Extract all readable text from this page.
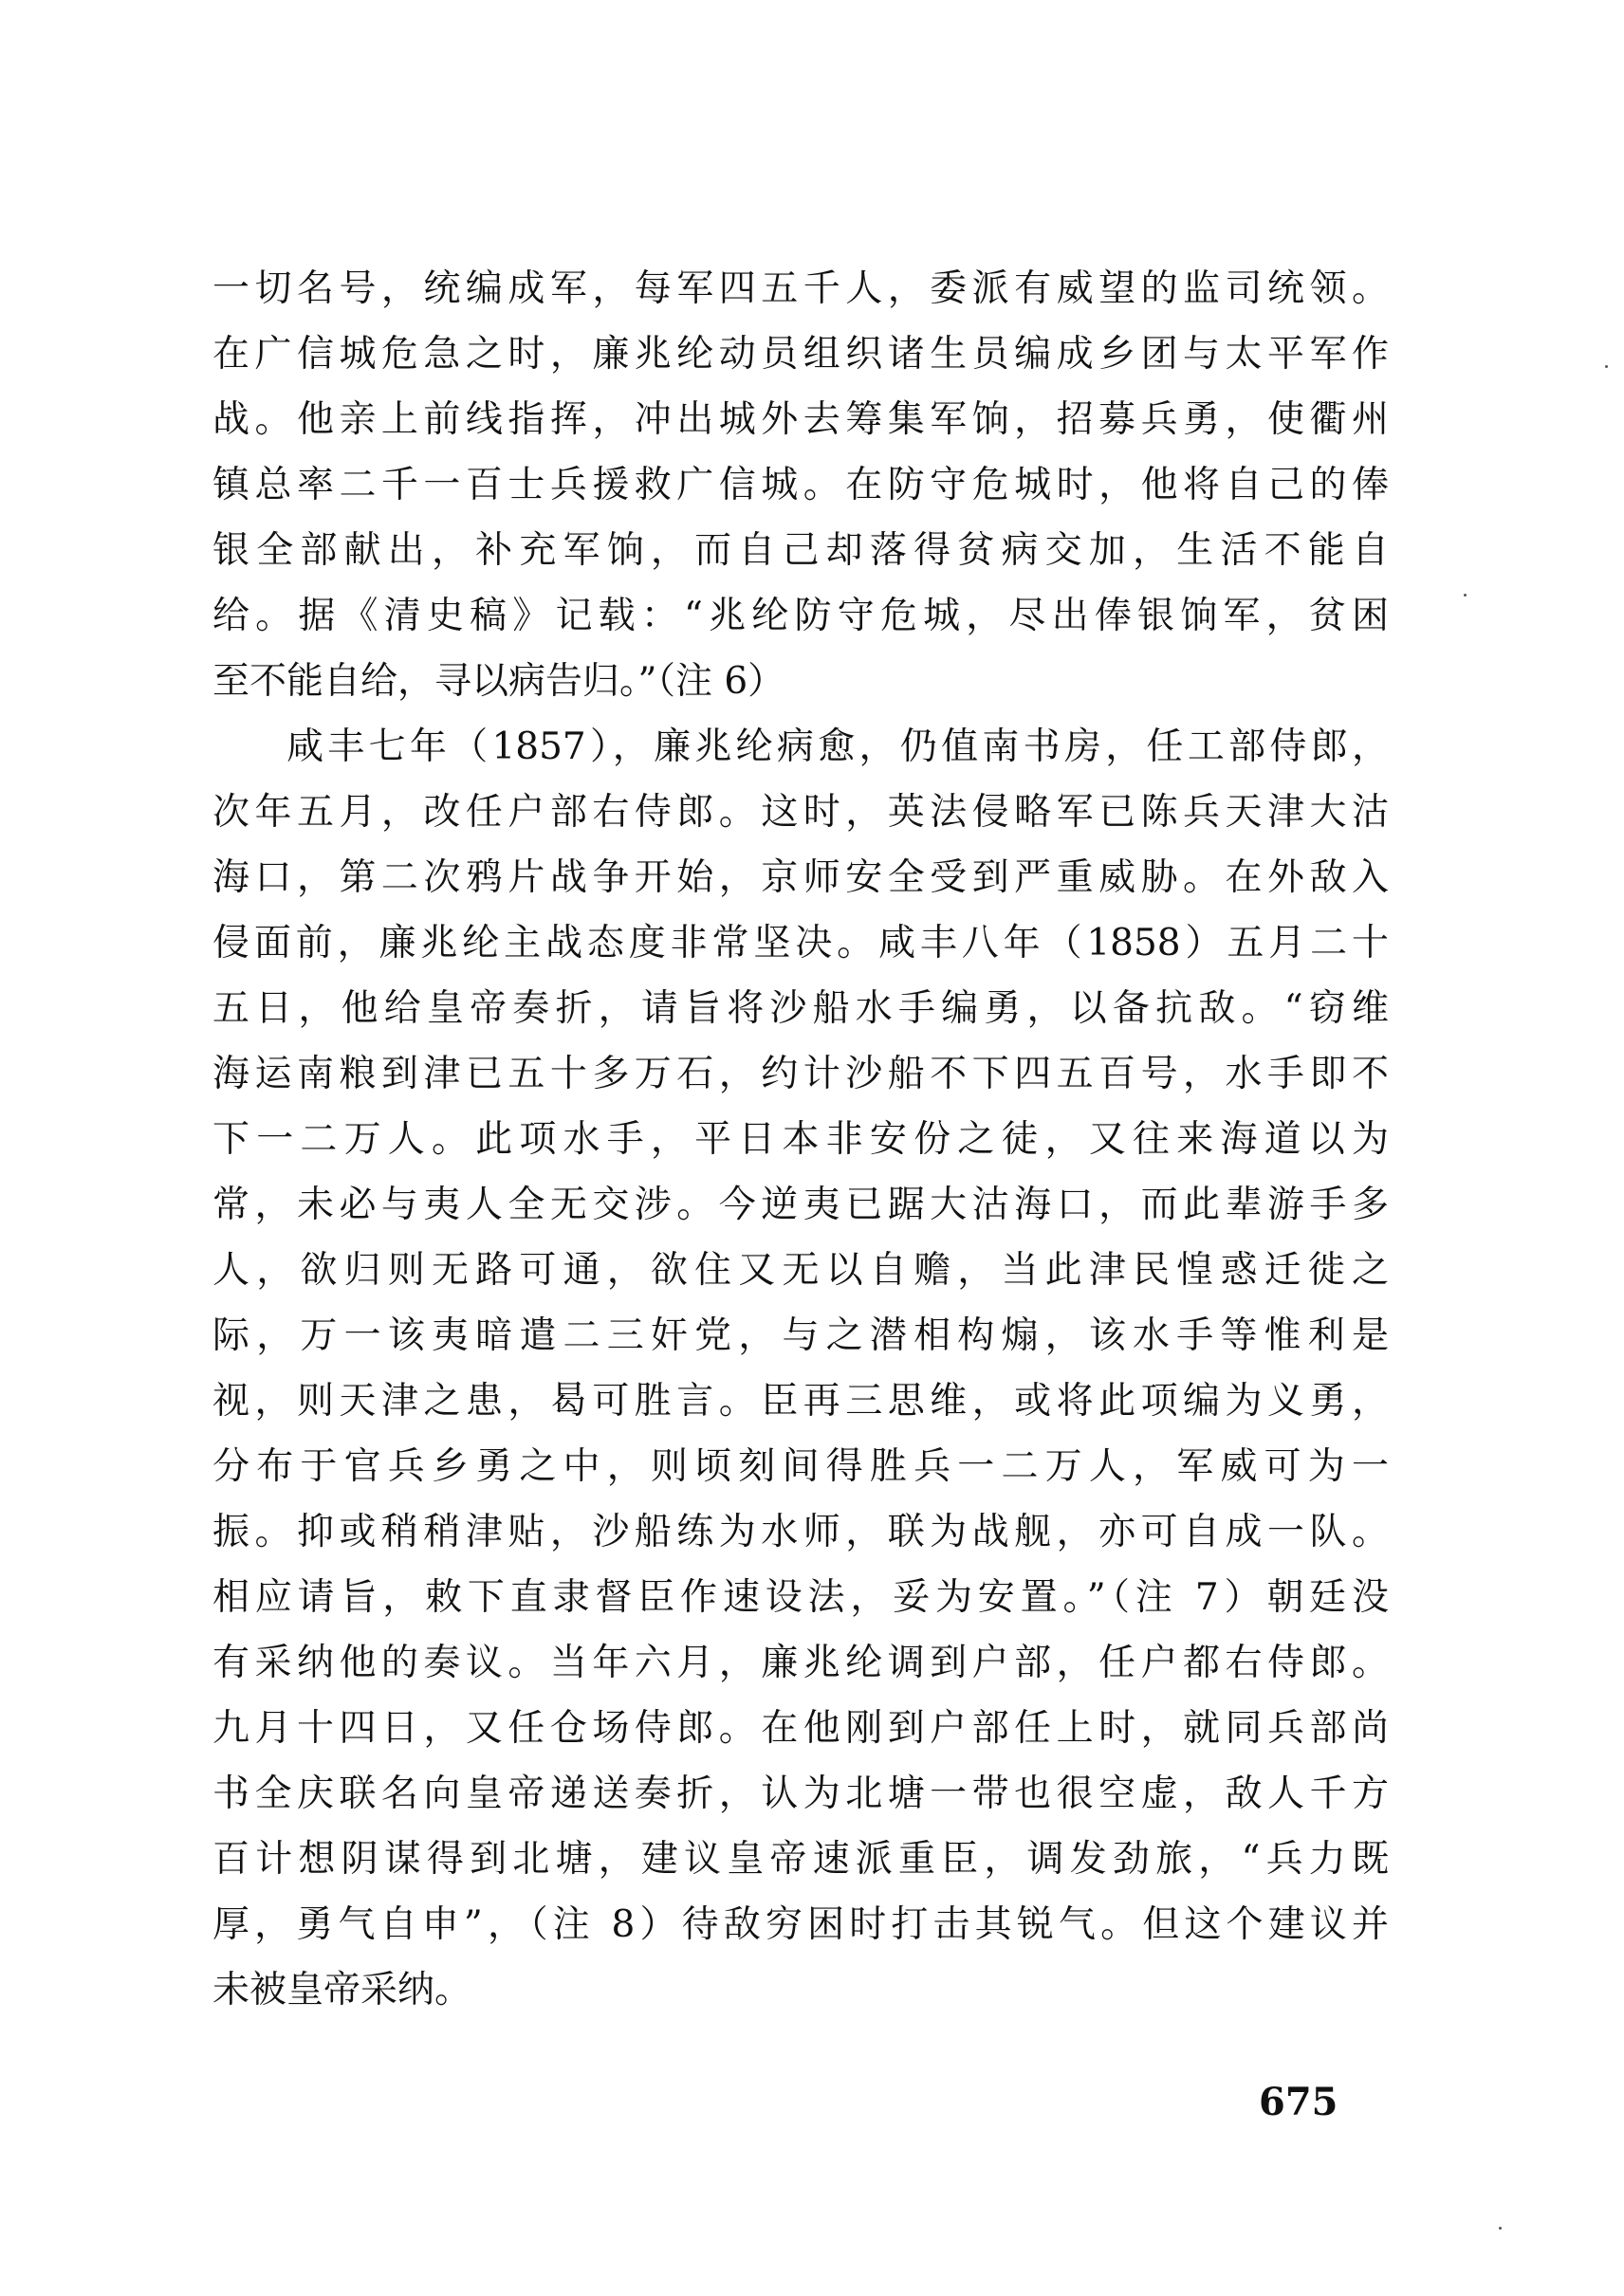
一切名号，统编成军，每军四五千人，委派有威望的监司统领。
在广信城危急之时，廉兆纶动员组织诸生员编成乡团与太平军作
战。他亲上前线指挥，冲出城外去筹集军饷，招募兵勇，使衢州
镇总率二千一百士兵援救广信城。在防守危城时，他将自己的俸
银全部献出，补充军饷，而自己却落得贫病交加，生活不能自
给。据《清史稿》记载：“兆纶防守危城，尽出俸银饷军，贫困
至不能自给，寻以病告归。”（注 6）
咸丰七年（1857），廉兆纶病愈，仍值南书房，任工部侍郎，
次年五月，改任户部右侍郎。这时，英法侵略军已陈兵天津大沽
海口，第二次鸦片战争开始，京师安全受到严重威胁。在外敌入
侵面前，廉兆纶主战态度非常坚决。咸丰八年（1858）五月二十
五日，他给皇帝奏折，请旨将沙船水手编勇，以备抗敌。“窃维
海运南粮到津已五十多万石，约计沙船不下四五百号，水手即不
下一二万人。此项水手，平日本非安份之徒，又往来海道以为
常，未必与夷人全无交涉。今逆夷已踞大沽海口，而此辈游手多
人，欲归则无路可通，欲住又无以自赡，当此津民惶惑迁徙之
际，万一该夷暗遣二三奸党，与之潜相构煽，该水手等惟利是
视，则天津之患，曷可胜言。臣再三思维，或将此项编为义勇，
分布于官兵乡勇之中，则顷刻间得胜兵一二万人，军威可为一
振。抑或稍稍津贴，沙船练为水师，联为战舰，亦可自成一队。
相应请旨，敕下直隶督臣作速设法，妥为安置。”（注 7）朝廷没
有采纳他的奏议。当年六月，廉兆纶调到户部，任户都右侍郎。
九月十四日，又任仓场侍郎。在他刚到户部任上时，就同兵部尚
书全庆联名向皇帝递送奏折，认为北塘一带也很空虚，敌人千方
百计想阴谋得到北塘，建议皇帝速派重臣，调发劲旅，“兵力既
厚，勇气自申”，（注 8）待敌穷困时打击其锐气。但这个建议并
未被皇帝采纳。
675
